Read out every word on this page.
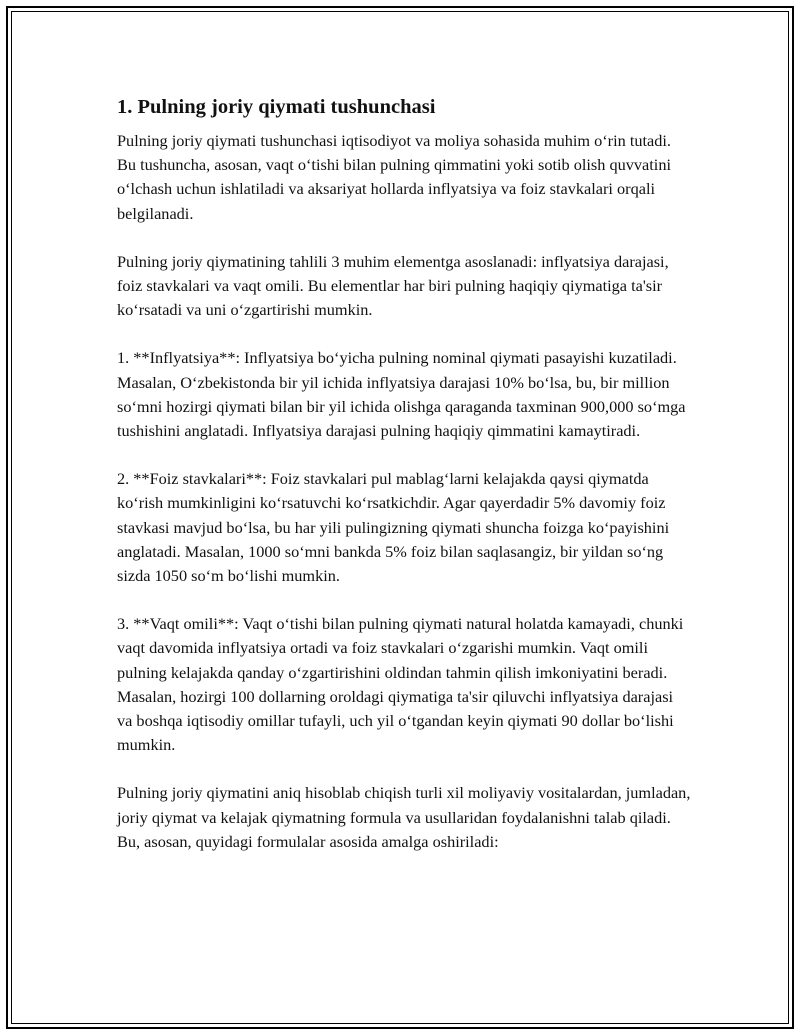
1. Pulning joriy qiymati tushunchasi

Pulning joriy qiymati tushunchasi iqtisodiyot va moliya sohasida muhim oʻrin tutadi. Bu tushuncha, asosan, vaqt oʻtishi bilan pulning qimmatini yoki sotib olish quvvatini oʻlchash uchun ishlatiladi va aksariyat hollarda inflyatsiya va foiz stavkalari orqali belgilanadi.

Pulning joriy qiymatining tahlili 3 muhim elementga asoslanadi: inflyatsiya darajasi, foiz stavkalari va vaqt omili. Bu elementlar har biri pulning haqiqiy qiymatiga ta'sir koʻrsatadi va uni oʻzgartirishi mumkin.

1. **Inflyatsiya**: Inflyatsiya boʻyicha pulning nominal qiymati pasayishi kuzatiladi. Masalan, Oʻzbekistonda bir yil ichida inflyatsiya darajasi 10% boʻlsa, bu, bir million soʻmni hozirgi qiymati bilan bir yil ichida olishga qaraganda taxminan 900,000 soʻmga tushishini anglatadi. Inflyatsiya darajasi pulning haqiqiy qimmatini kamaytiradi.

2. **Foiz stavkalari**: Foiz stavkalari pul mablagʻlarni kelajakda qaysi qiymatda koʻrish mumkinligini koʻrsatuvchi koʻrsatkichdir. Agar qayerdadir 5% davomiy foiz stavkasi mavjud boʻlsa, bu har yili pulingizning qiymati shuncha foizga koʻpayishini anglatadi. Masalan, 1000 soʻmni bankda 5% foiz bilan saqlasangiz, bir yildan soʻng sizda 1050 soʻm boʻlishi mumkin.

3. **Vaqt omili**: Vaqt oʻtishi bilan pulning qiymati natural holatda kamayadi, chunki vaqt davomida inflyatsiya ortadi va foiz stavkalari oʻzgarishi mumkin. Vaqt omili pulning kelajakda qanday oʻzgartirishini oldindan tahmin qilish imkoniyatini beradi. Masalan, hozirgi 100 dollarning oroldagi qiymatiga ta'sir qiluvchi inflyatsiya darajasi va boshqa iqtisodiy omillar tufayli, uch yil oʻtgandan keyin qiymati 90 dollar boʻlishi mumkin.

Pulning joriy qiymatini aniq hisoblab chiqish turli xil moliyaviy vositalardan, jumladan, joriy qiymat va kelajak qiymatning formula va usullaridan foydalanishni talab qiladi. Bu, asosan, quyidagi formulalar asosida amalga oshiriladi:
